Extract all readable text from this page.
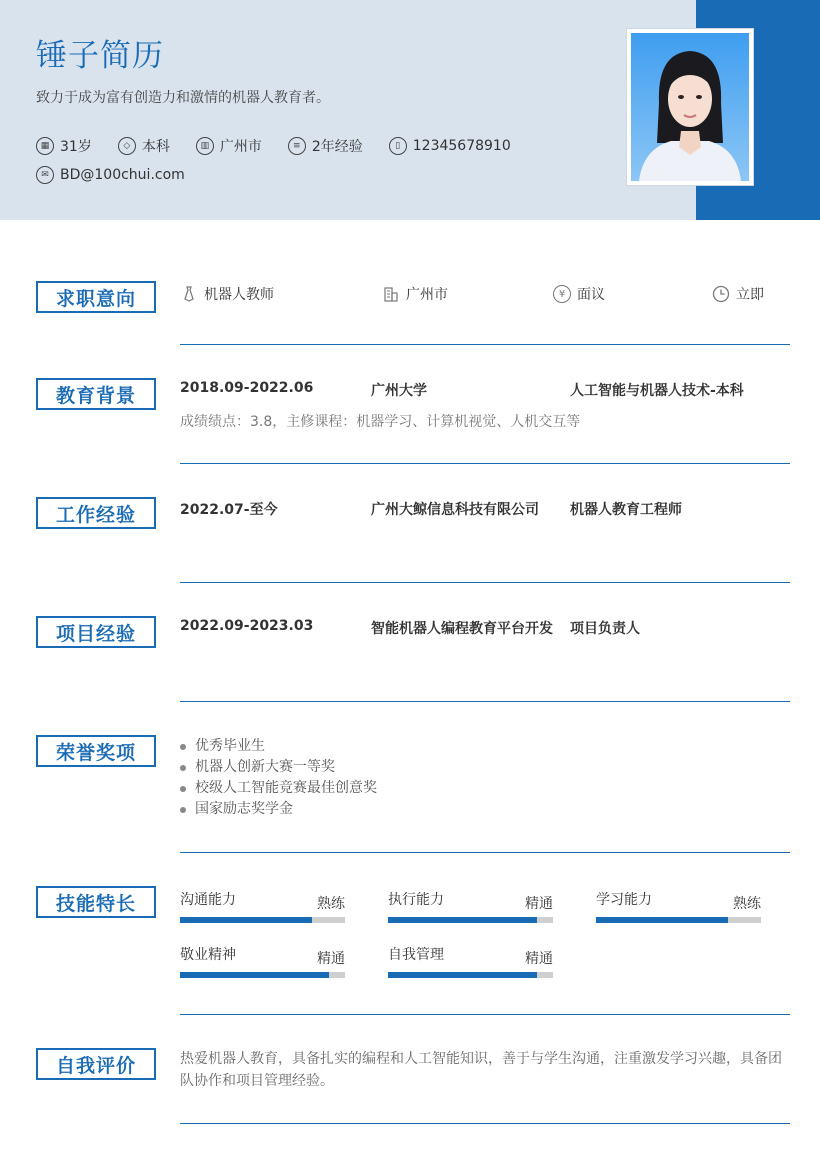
锤子简历
致力于成为富有创造力和激情的机器人教育者。
▦ 31岁	◇ 本科	▥ 广州市	≡ 2年经验	▯ 12345678910
✉ BD@100chui.com
求职意向	机器人教师	广州市	¥ 面议	立即
教育背景	2018.09-2022.06	广州大学	人工智能与机器人技术-本科
成绩绩点：3.8，主修课程：机器学习、计算机视觉、人机交互等
工作经验	2022.07-至今	广州大鲸信息科技有限公司 机器人教育工程师
项目经验	2022.09-2023.03	智能机器人编程教育平台开发 项目负责人
荣誉奖项	优秀毕业生
机器人创新大赛一等奖
校级人工智能竞赛最佳创意奖
国家励志奖学金
技能特长	沟通能力	熟练	执行能力	精通	学习能力	熟练
敬业精神	精通	自我管理	精通
自我评价	热爱机器人教育，具备扎实的编程和人工智能知识，善于与学生沟通，注重激发学习兴趣，具备团队协作和项目管理经验。
